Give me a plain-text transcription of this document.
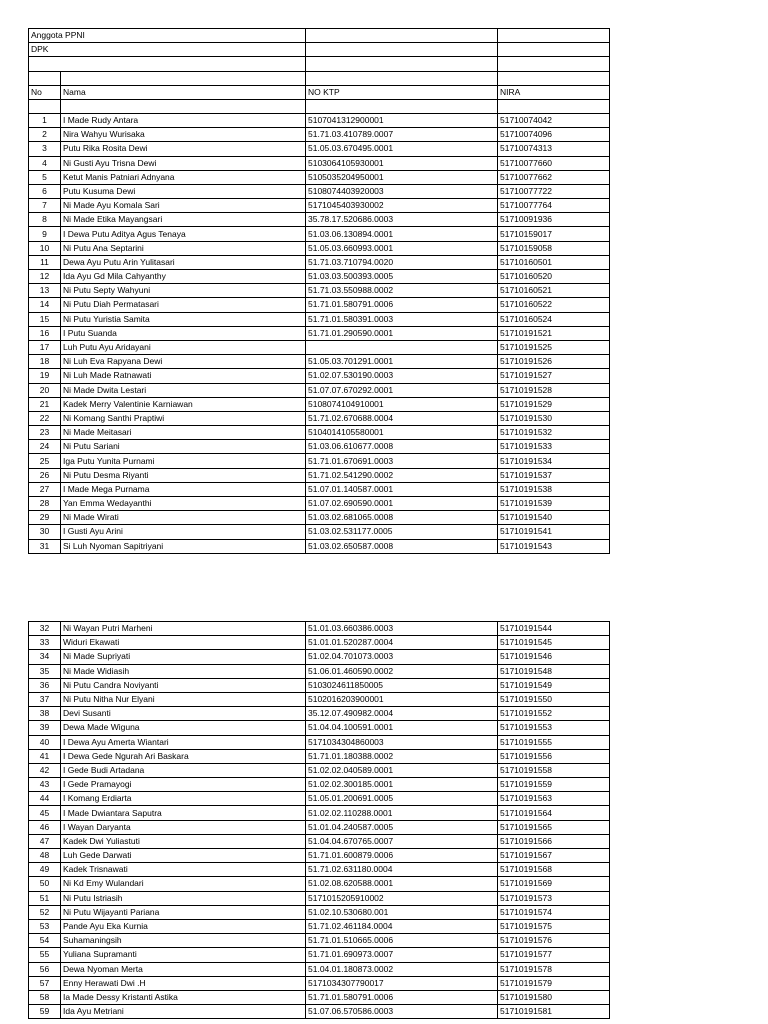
Anggota PPNI			
DPK			

No	Nama	NO KTP	NIRA

1	I Made Rudy Antara	5107041312900001	51710074042
2	Nira Wahyu Wurisaka	51.71.03.410789.0007	51710074096
3	Putu Rika Rosita Dewi	51.05.03.670495.0001	51710074313
4	Ni Gusti Ayu Trisna Dewi	5103064105930001	51710077660
5	Ketut Manis Patniari Adnyana	5105035204950001	51710077662
6	Putu Kusuma Dewi	5108074403920003	51710077722
7	Ni Made Ayu Komala Sari	5171045403930002	51710077764
8	Ni Made Etika Mayangsari	35.78.17.520686.0003	51710091936
9	I Dewa Putu Aditya Agus Tenaya	51.03.06.130894.0001	51710159017
10	Ni Putu Ana Septarini	51.05.03.660993.0001	51710159058
11	Dewa Ayu Putu Arin Yulitasari	51.71.03.710794.0020	51710160501
12	Ida Ayu Gd Mila Cahyanthy	51.03.03.500393.0005	51710160520
13	Ni Putu Septy Wahyuni	51.71.03.550988.0002	51710160521
14	Ni Putu Diah Permatasari	51.71.01.580791.0006	51710160522
15	Ni Putu Yuristia Samita	51.71.01.580391.0003	51710160524
16	I Putu Suanda	51.71.01.290590.0001	51710191521
17	Luh Putu Ayu Aridayani		51710191525
18	Ni Luh Eva Rapyana Dewi	51.05.03.701291.0001	51710191526
19	Ni Luh Made Ratnawati	51.02.07.530190.0003	51710191527
20	Ni Made Dwita Lestari	51.07.07.670292.0001	51710191528
21	Kadek Merry Valentinie Karniawan	5108074104910001	51710191529
22	Ni Komang Santhi Praptiwi	51.71.02.670688.0004	51710191530
23	Ni Made Meitasari	5104014105580001	51710191532
24	Ni Putu Sariani	51.03.06.610677.0008	51710191533
25	Iga Putu Yunita Purnami	51.71.01.670691.0003	51710191534
26	Ni Putu Desma Riyanti	51.71.02.541290.0002	51710191537
27	I Made Mega Purnama	51.07.01.140587.0001	51710191538
28	Yan Emma Wedayanthi	51.07.02.690590.0001	51710191539
29	Ni Made Wirati	51.03.02.681065.0008	51710191540
30	I Gusti Ayu Arini	51.03.02.531177.0005	51710191541
31	Si Luh Nyoman Sapitriyani	51.03.02.650587.0008	51710191543
32	Ni Wayan Putri Marheni	51.01.03.660386.0003	51710191544
33	Widuri Ekawati	51.01.01.520287.0004	51710191545
34	Ni Made Supriyati	51.02.04.701073.0003	51710191546
35	Ni Made Widiasih	51.06.01.460590.0002	51710191548
36	Ni Putu Candra Noviyanti	5103024611850005	51710191549
37	Ni Putu Nitha Nur Elyani	5102016203900001	51710191550
38	Devi Susanti	35.12.07.490982.0004	51710191552
39	Dewa Made Wiguna	51.04.04.100591.0001	51710191553
40	I Dewa Ayu Amerta Wiantari	5171034304860003	51710191555
41	I Dewa Gede Ngurah Ari Baskara	51.71.01.180388.0002	51710191556
42	I Gede Budi Artadana	51.02.02.040589.0001	51710191558
43	I Gede Pramayogi	51.02.02.300185.0001	51710191559
44	I Komang Erdiarta	51.05.01.200691.0005	51710191563
45	I Made Dwiantara Saputra	51.02.02.110288.0001	51710191564
46	I Wayan Daryanta	51.01.04.240587.0005	51710191565
47	Kadek Dwi Yuliastuti	51.04.04.670765.0007	51710191566
48	Luh Gede Darwati	51.71.01.600879.0006	51710191567
49	Kadek Trisnawati	51.71.02.631180.0004	51710191568
50	Ni Kd Emy Wulandari	51.02.08.620588.0001	51710191569
51	Ni Putu Istriasih	5171015205910002	51710191573
52	Ni Putu Wijayanti Pariana	51.02.10.530680.001	51710191574
53	Pande Ayu Eka Kurnia	51.71.02.461184.0004	51710191575
54	Suhamaningsih	51.71.01.510665.0006	51710191576
55	Yuliana Supramanti	51.71.01.690973.0007	51710191577
56	Dewa Nyoman Merta	51.04.01.180873.0002	51710191578
57	Enny Herawati Dwi .H	5171034307790017	51710191579
58	Ia Made Dessy Kristanti Astika	51.71.01.580791.0006	51710191580
59	Ida Ayu Metriani	51.07.06.570586.0003	51710191581
